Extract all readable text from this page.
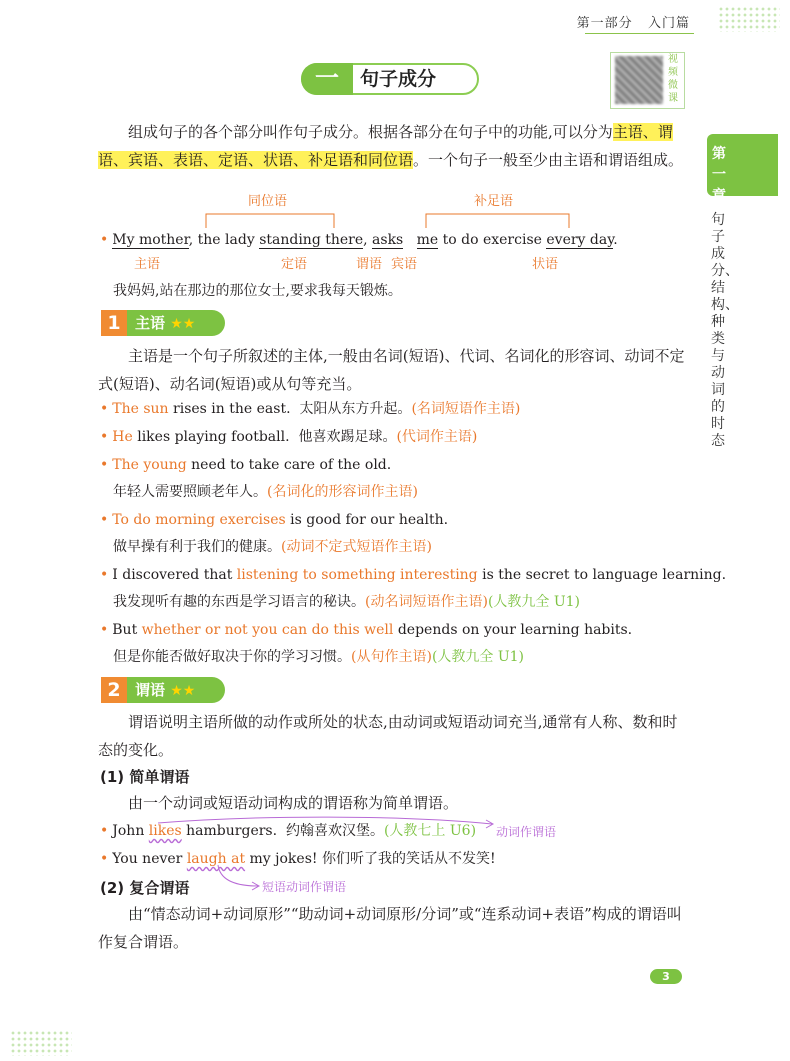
第一部分 入门篇
一	句子成分
视频微课
第一章
句子成分、结构、种类与动词的时态
组成句子的各个部分叫作句子成分。根据各部分在句子中的功能,可以分为主语、谓语、宾语、表语、定语、状语、补足语和同位语。一个句子一般至少由主语和谓语组成。
同位语	补足语
• My mother, the lady standing there, asks me to do exercise every day.
主语	定语	谓语 宾语	状语
我妈妈,站在那边的那位女士,要求我每天锻炼。
1 主语 ★★
主语是一个句子所叙述的主体,一般由名词(短语)、代词、名词化的形容词、动词不定式(短语)、动名词(短语)或从句等充当。
• The sun rises in the east. 太阳从东方升起。(名词短语作主语)
• He likes playing football. 他喜欢踢足球。(代词作主语)
• The young need to take care of the old.
年轻人需要照顾老年人。(名词化的形容词作主语)
• To do morning exercises is good for our health.
做早操有利于我们的健康。(动词不定式短语作主语)
• I discovered that listening to something interesting is the secret to language learning.
我发现听有趣的东西是学习语言的秘诀。(动名词短语作主语)(人教九全 U1)
• But whether or not you can do this well depends on your learning habits.
但是你能否做好取决于你的学习习惯。(从句作主语)(人教九全 U1)
2 谓语 ★★
谓语说明主语所做的动作或所处的状态,由动词或短语动词充当,通常有人称、数和时态的变化。
(1) 简单谓语
由一个动词或短语动词构成的谓语称为简单谓语。
• John likes hamburgers. 约翰喜欢汉堡。(人教七上 U6)
• You never laugh at my jokes! 你们听了我的笑话从不发笑!
动词作谓语
短语动词作谓语
(2) 复合谓语
由“情态动词+动词原形”“助动词+动词原形/分词”或“连系动词+表语”构成的谓语叫作复合谓语。
3
